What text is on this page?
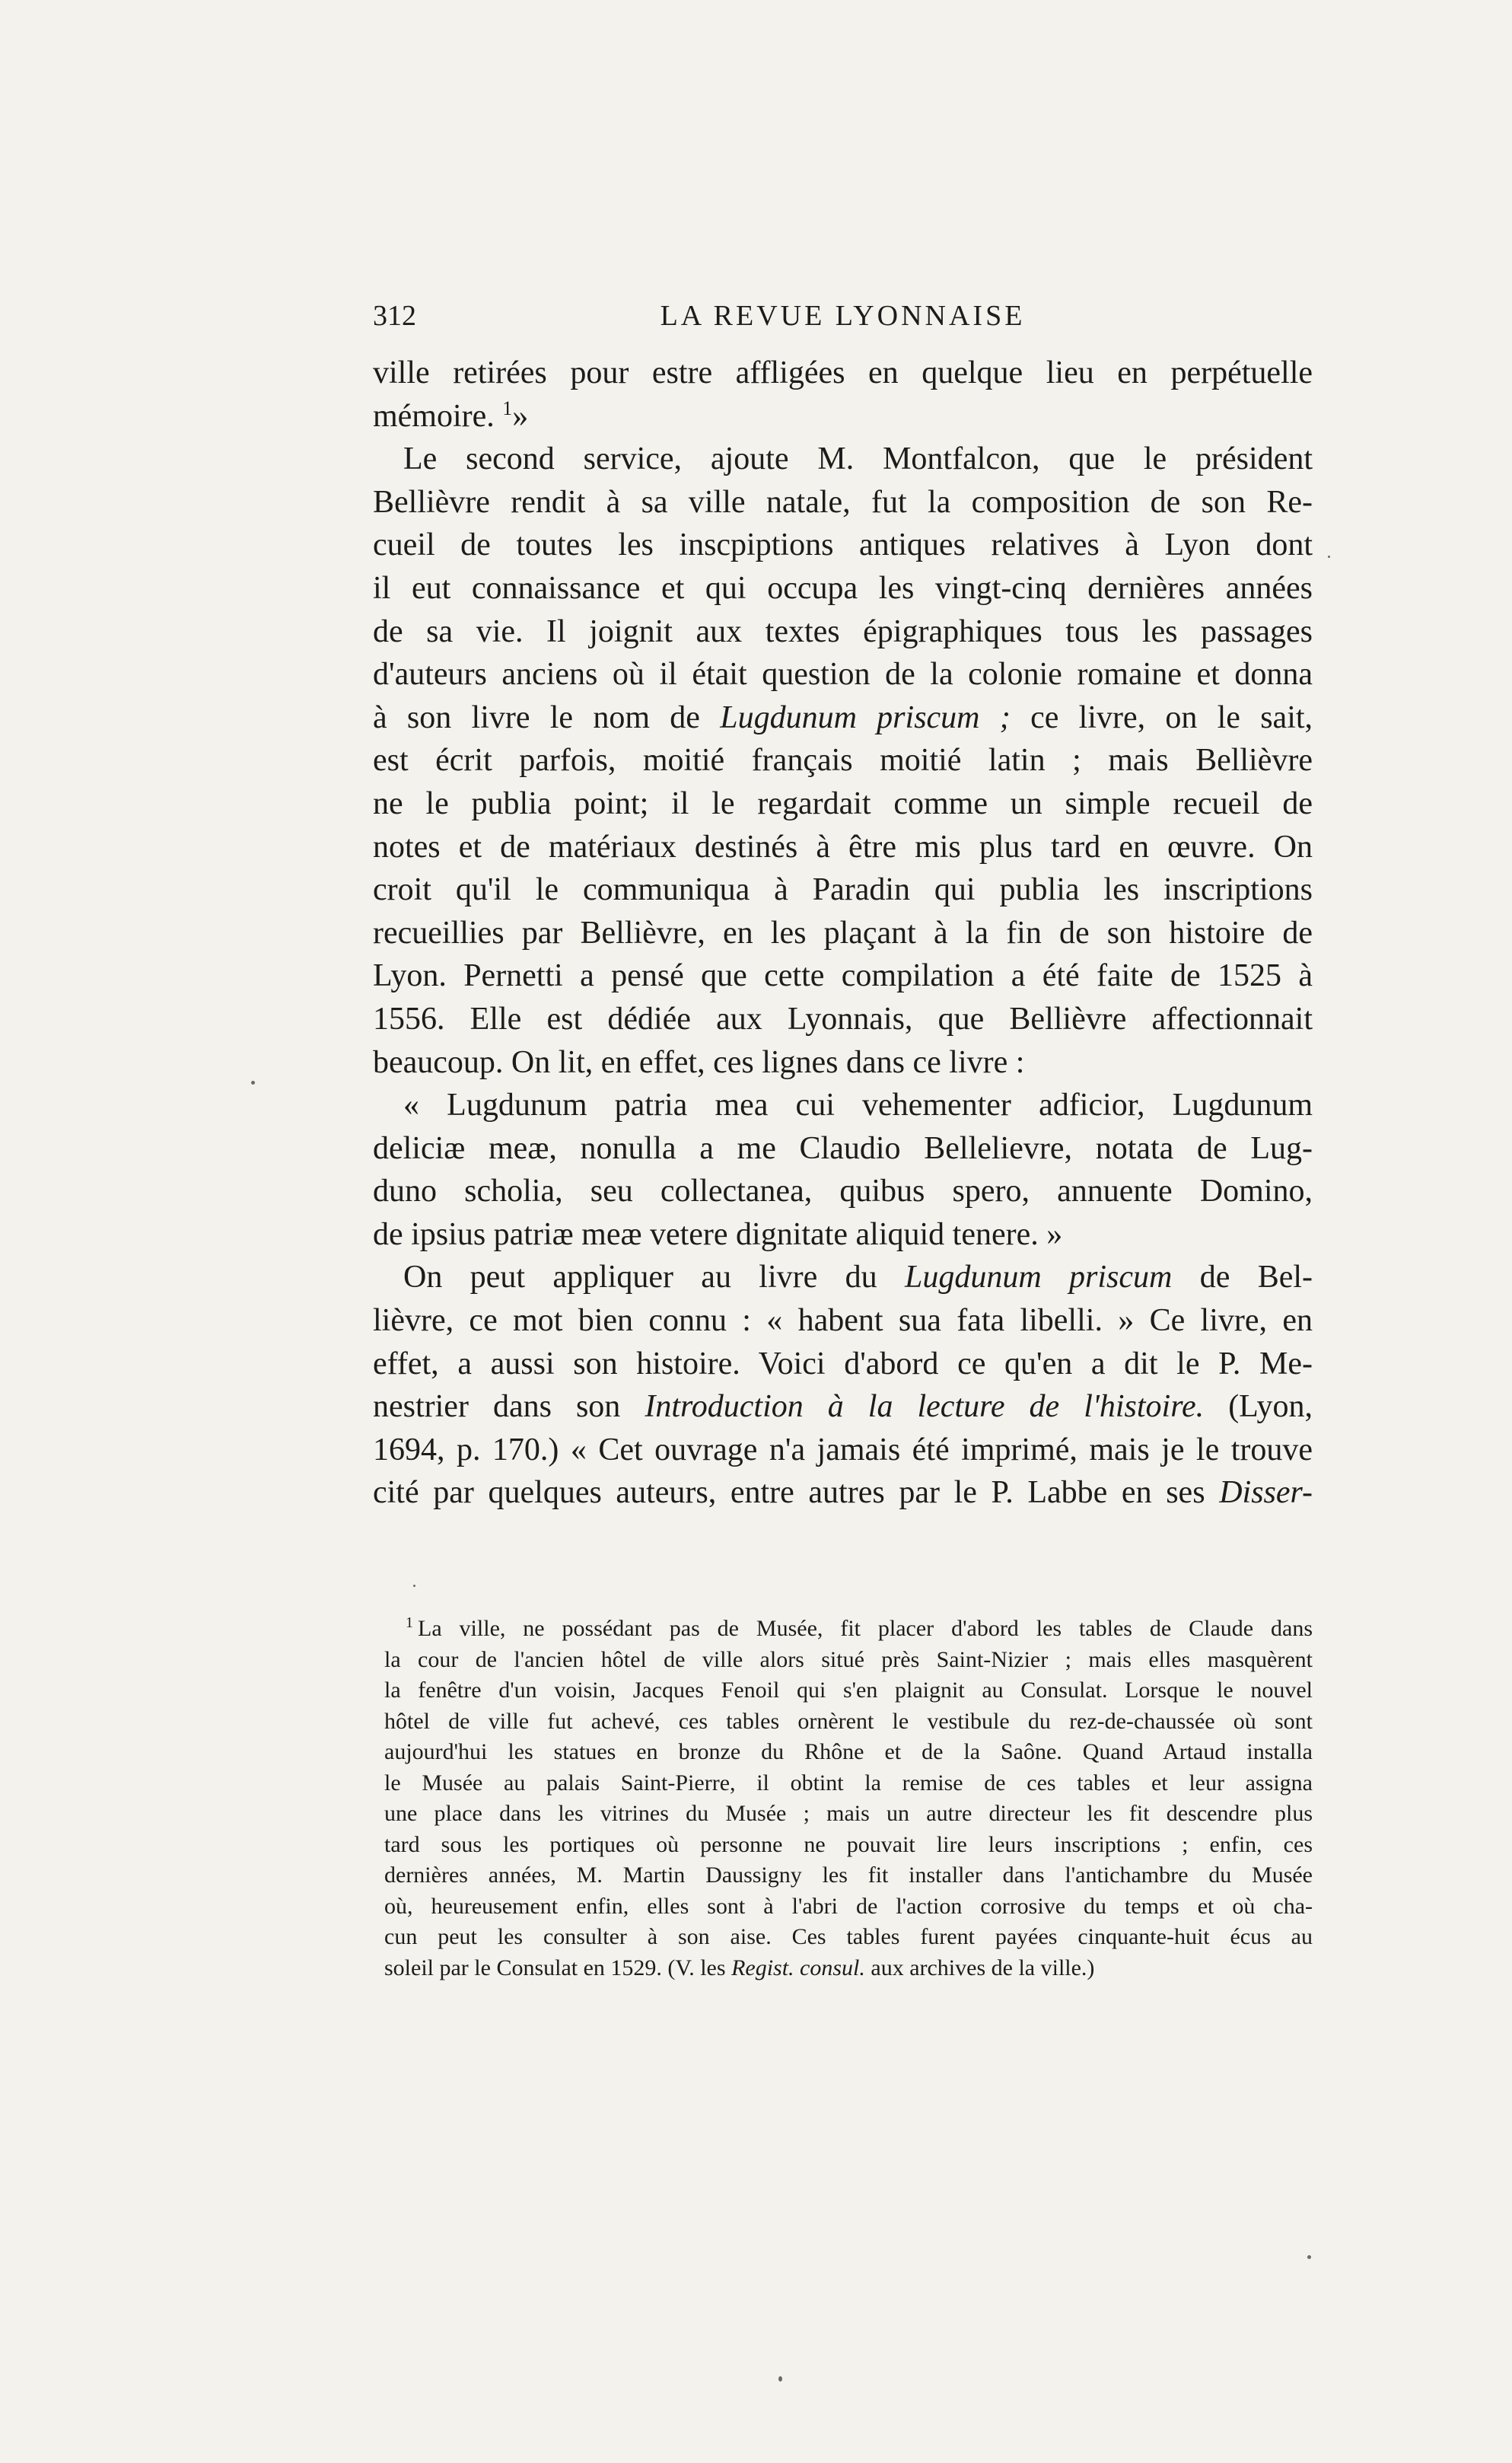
312	LA REVUE LYONNAISE
ville retirées pour estre affligées en quelque lieu en perpétuelle
mémoire. $^1$»
Le second service, ajoute M. Montfalcon, que le président
Bellièvre rendit à sa ville natale, fut la composition de son Re-
cueil de toutes les inscpiptions antiques relatives à Lyon dont
il eut connaissance et qui occupa les vingt-cinq dernières années
de sa vie. Il joignit aux textes épigraphiques tous les passages
d'auteurs anciens où il était question de la colonie romaine et donna
à son livre le nom de Lugdunum priscum ; ce livre, on le sait,
est écrit parfois, moitié français moitié latin ; mais Bellièvre
ne le publia point; il le regardait comme un simple recueil de
notes et de matériaux destinés à être mis plus tard en œuvre. On
croit qu'il le communiqua à Paradin qui publia les inscriptions
recueillies par Bellièvre, en les plaçant à la fin de son histoire de
Lyon. Pernetti a pensé que cette compilation a été faite de 1525 à
1556. Elle est dédiée aux Lyonnais, que Bellièvre affectionnait
beaucoup. On lit, en effet, ces lignes dans ce livre :
« Lugdunum patria mea cui vehementer adficior, Lugdunum
deliciæ meæ, nonulla a me Claudio Bellelievre, notata de Lug-
duno scholia, seu collectanea, quibus spero, annuente Domino,
de ipsius patriæ meæ vetere dignitate aliquid tenere. »
On peut appliquer au livre du Lugdunum priscum de Bel-
lièvre, ce mot bien connu : « habent sua fata libelli. » Ce livre, en
effet, a aussi son histoire. Voici d'abord ce qu'en a dit le P. Me-
nestrier dans son Introduction à la lecture de l'histoire. (Lyon,
1694, p. 170.) « Cet ouvrage n'a jamais été imprimé, mais je le trouve
cité par quelques auteurs, entre autres par le P. Labbe en ses Disser-
$^1$ La ville, ne possédant pas de Musée, fit placer d'abord les tables de Claude dans
la cour de l'ancien hôtel de ville alors situé près Saint-Nizier ; mais elles masquèrent
la fenêtre d'un voisin, Jacques Fenoil qui s'en plaignit au Consulat. Lorsque le nouvel
hôtel de ville fut achevé, ces tables ornèrent le vestibule du rez-de-chaussée où sont
aujourd'hui les statues en bronze du Rhône et de la Saône. Quand Artaud installa
le Musée au palais Saint-Pierre, il obtint la remise de ces tables et leur assigna
une place dans les vitrines du Musée ; mais un autre directeur les fit descendre plus
tard sous les portiques où personne ne pouvait lire leurs inscriptions ; enfin, ces
dernières années, M. Martin Daussigny les fit installer dans l'antichambre du Musée
où, heureusement enfin, elles sont à l'abri de l'action corrosive du temps et où cha-
cun peut les consulter à son aise. Ces tables furent payées cinquante-huit écus au
soleil par le Consulat en 1529. (V. les Regist. consul. aux archives de la ville.)
